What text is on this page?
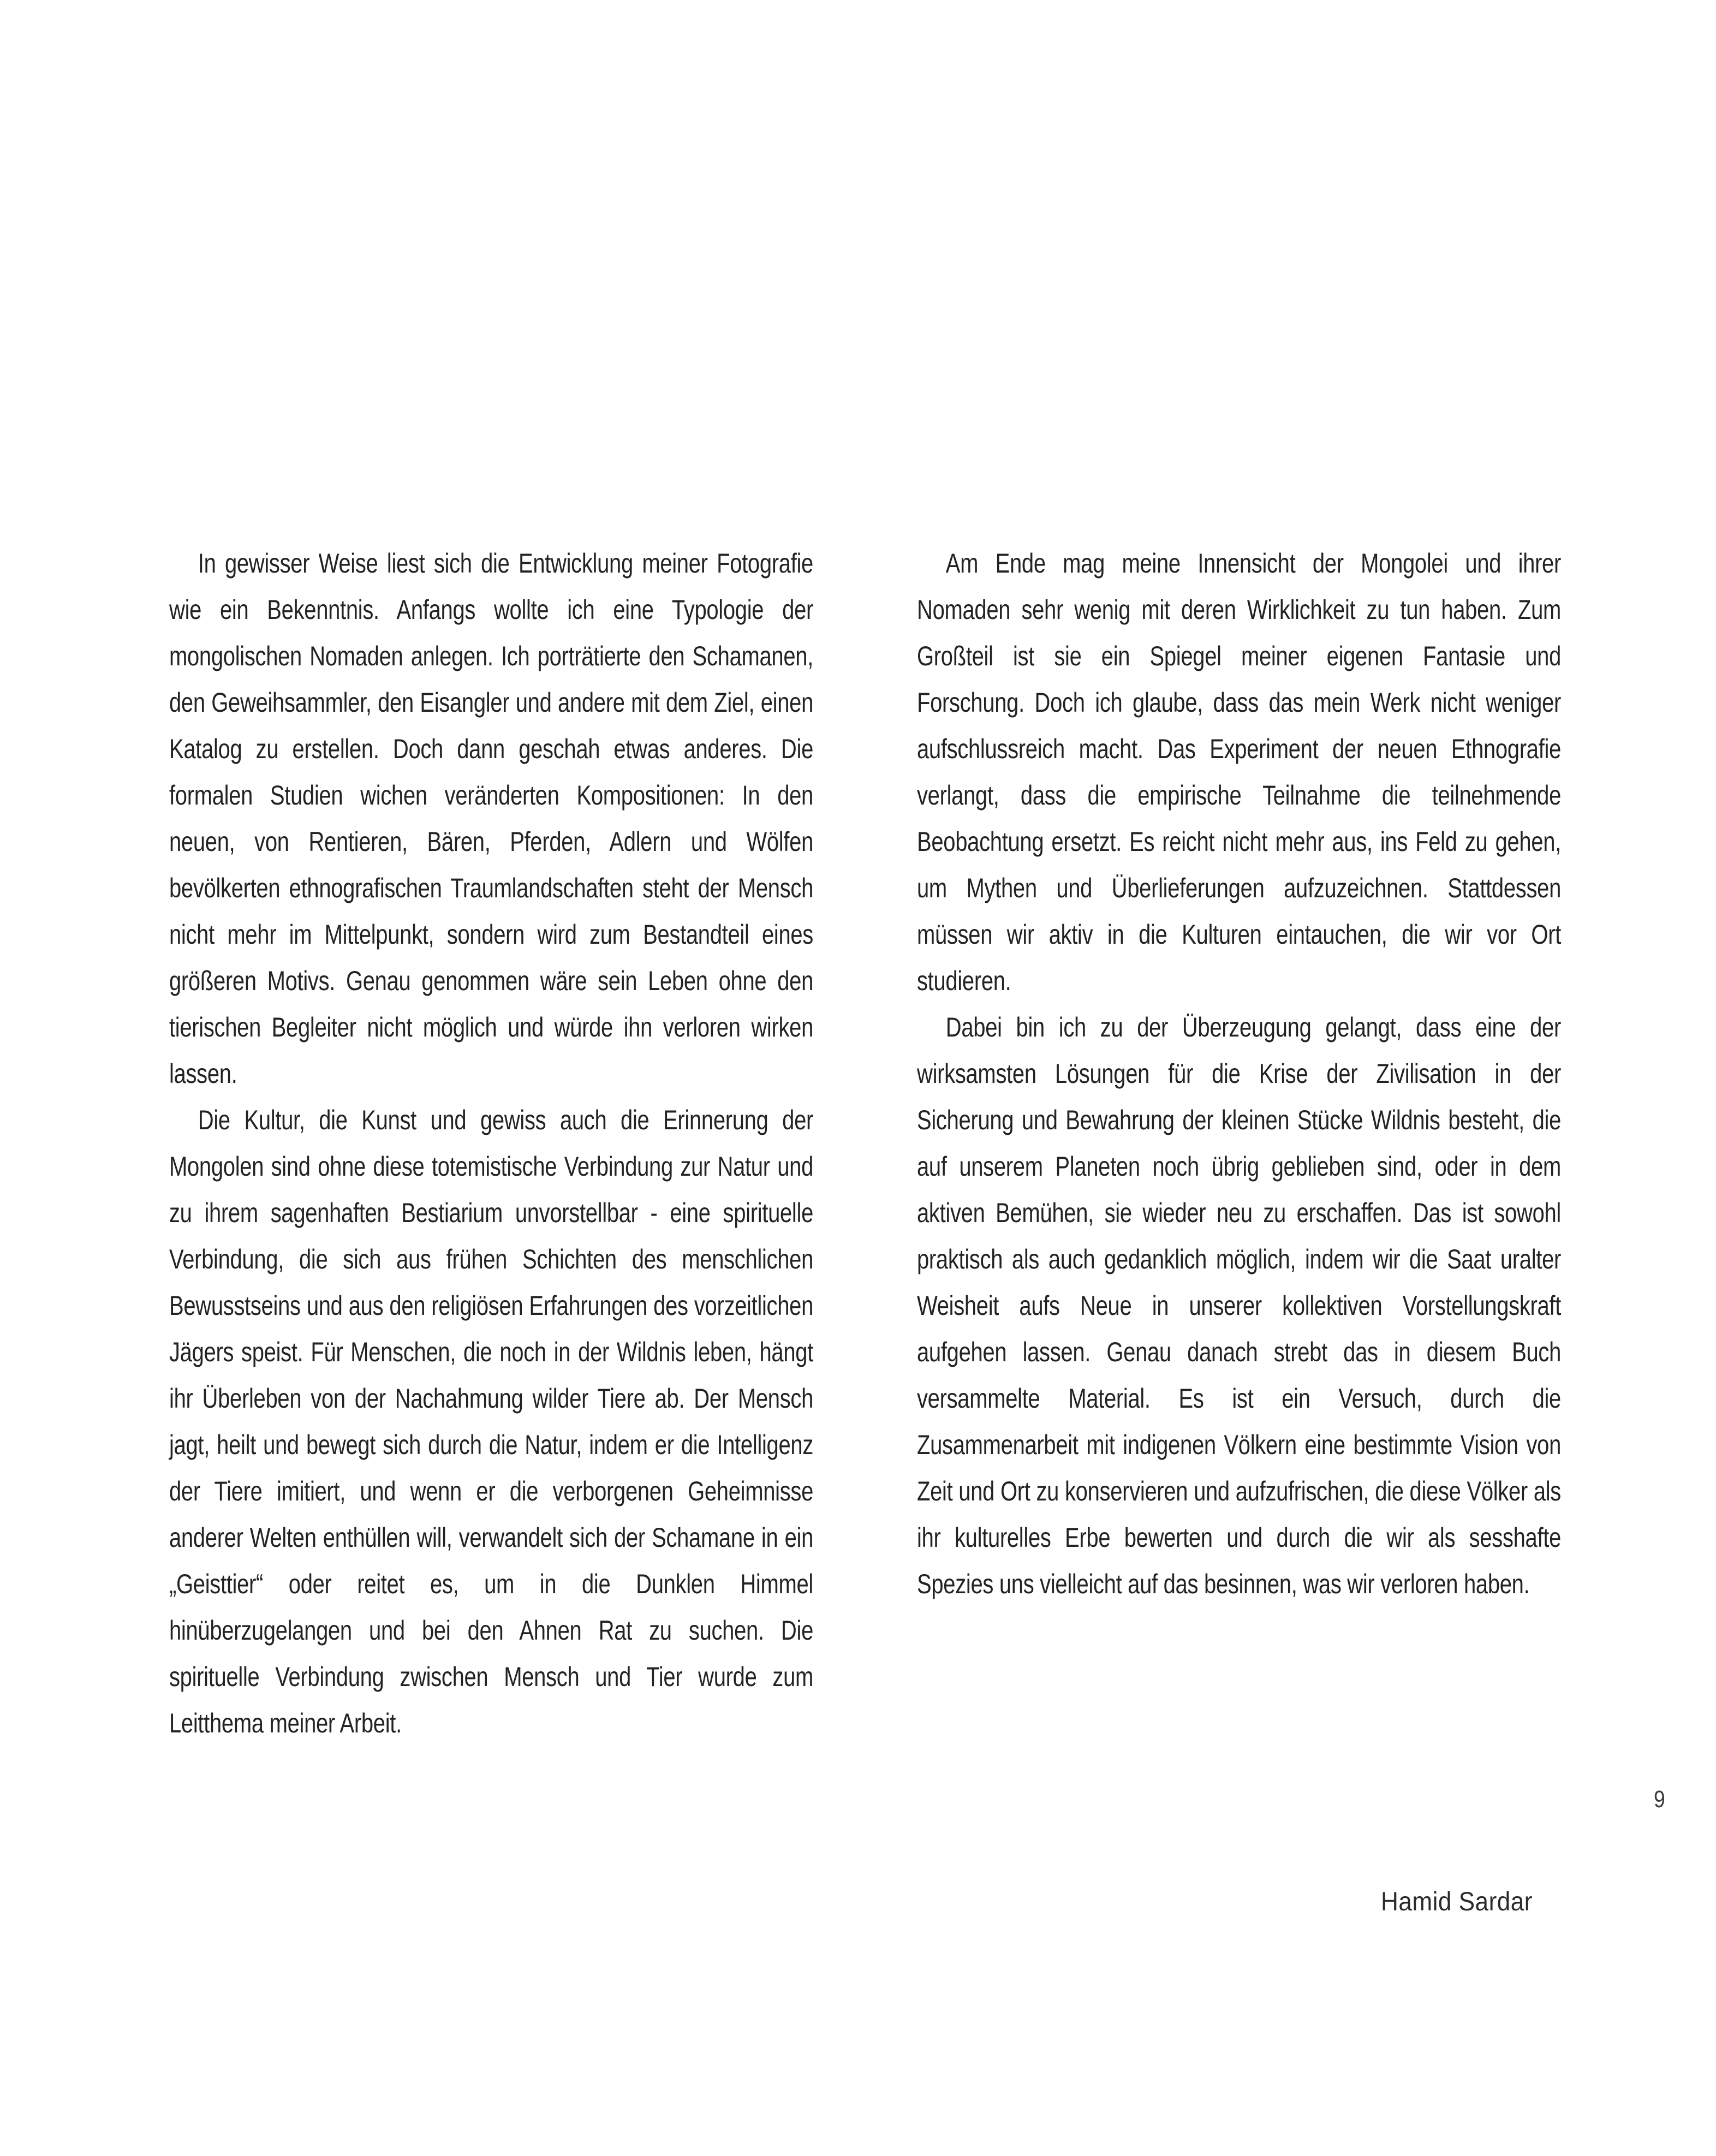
In gewisser Weise liest sich die Entwicklung meiner Fotografie wie ein Bekenntnis. Anfangs wollte ich eine Typologie der mongolischen Nomaden anlegen. Ich porträtierte den Schamanen, den Geweihsammler, den Eisangler und andere mit dem Ziel, einen Katalog zu erstellen. Doch dann geschah etwas anderes. Die formalen Studien wichen veränderten Kompositionen: In den neuen, von Rentieren, Bären, Pferden, Adlern und Wölfen bevölkerten ethnografischen Traumlandschaften steht der Mensch nicht mehr im Mittelpunkt, sondern wird zum Bestandteil eines größeren Motivs. Genau genommen wäre sein Leben ohne den tierischen Begleiter nicht möglich und würde ihn verloren wirken lassen.

Die Kultur, die Kunst und gewiss auch die Erinnerung der Mongolen sind ohne diese totemistische Verbindung zur Natur und zu ihrem sagenhaften Bestiarium unvorstellbar - eine spirituelle Verbindung, die sich aus frühen Schichten des menschlichen Bewusstseins und aus den religiösen Erfahrungen des vorzeitlichen Jägers speist. Für Menschen, die noch in der Wildnis leben, hängt ihr Überleben von der Nachahmung wilder Tiere ab. Der Mensch jagt, heilt und bewegt sich durch die Natur, indem er die Intelligenz der Tiere imitiert, und wenn er die verborgenen Geheimnisse anderer Welten enthüllen will, verwandelt sich der Schamane in ein „Geisttier“ oder reitet es, um in die Dunklen Himmel hinüberzugelangen und bei den Ahnen Rat zu suchen. Die spirituelle Verbindung zwischen Mensch und Tier wurde zum Leitthema meiner Arbeit.

Am Ende mag meine Innensicht der Mongolei und ihrer Nomaden sehr wenig mit deren Wirklichkeit zu tun haben. Zum Großteil ist sie ein Spiegel meiner eigenen Fantasie und Forschung. Doch ich glaube, dass das mein Werk nicht weniger aufschlussreich macht. Das Experiment der neuen Ethnografie verlangt, dass die empirische Teilnahme die teilnehmende Beobachtung ersetzt. Es reicht nicht mehr aus, ins Feld zu gehen, um Mythen und Überlieferungen aufzuzeichnen. Stattdessen müssen wir aktiv in die Kulturen eintauchen, die wir vor Ort studieren.

Dabei bin ich zu der Überzeugung gelangt, dass eine der wirksamsten Lösungen für die Krise der Zivilisation in der Sicherung und Bewahrung der kleinen Stücke Wildnis besteht, die auf unserem Planeten noch übrig geblieben sind, oder in dem aktiven Bemühen, sie wieder neu zu erschaffen. Das ist sowohl praktisch als auch gedanklich möglich, indem wir die Saat uralter Weisheit aufs Neue in unserer kollektiven Vorstellungskraft aufgehen lassen. Genau danach strebt das in diesem Buch versammelte Material. Es ist ein Versuch, durch die Zusammenarbeit mit indigenen Völkern eine bestimmte Vision von Zeit und Ort zu konservieren und aufzufrischen, die diese Völker als ihr kulturelles Erbe bewerten und durch die wir als sesshafte Spezies uns vielleicht auf das besinnen, was wir verloren haben.

Hamid Sardar
9
